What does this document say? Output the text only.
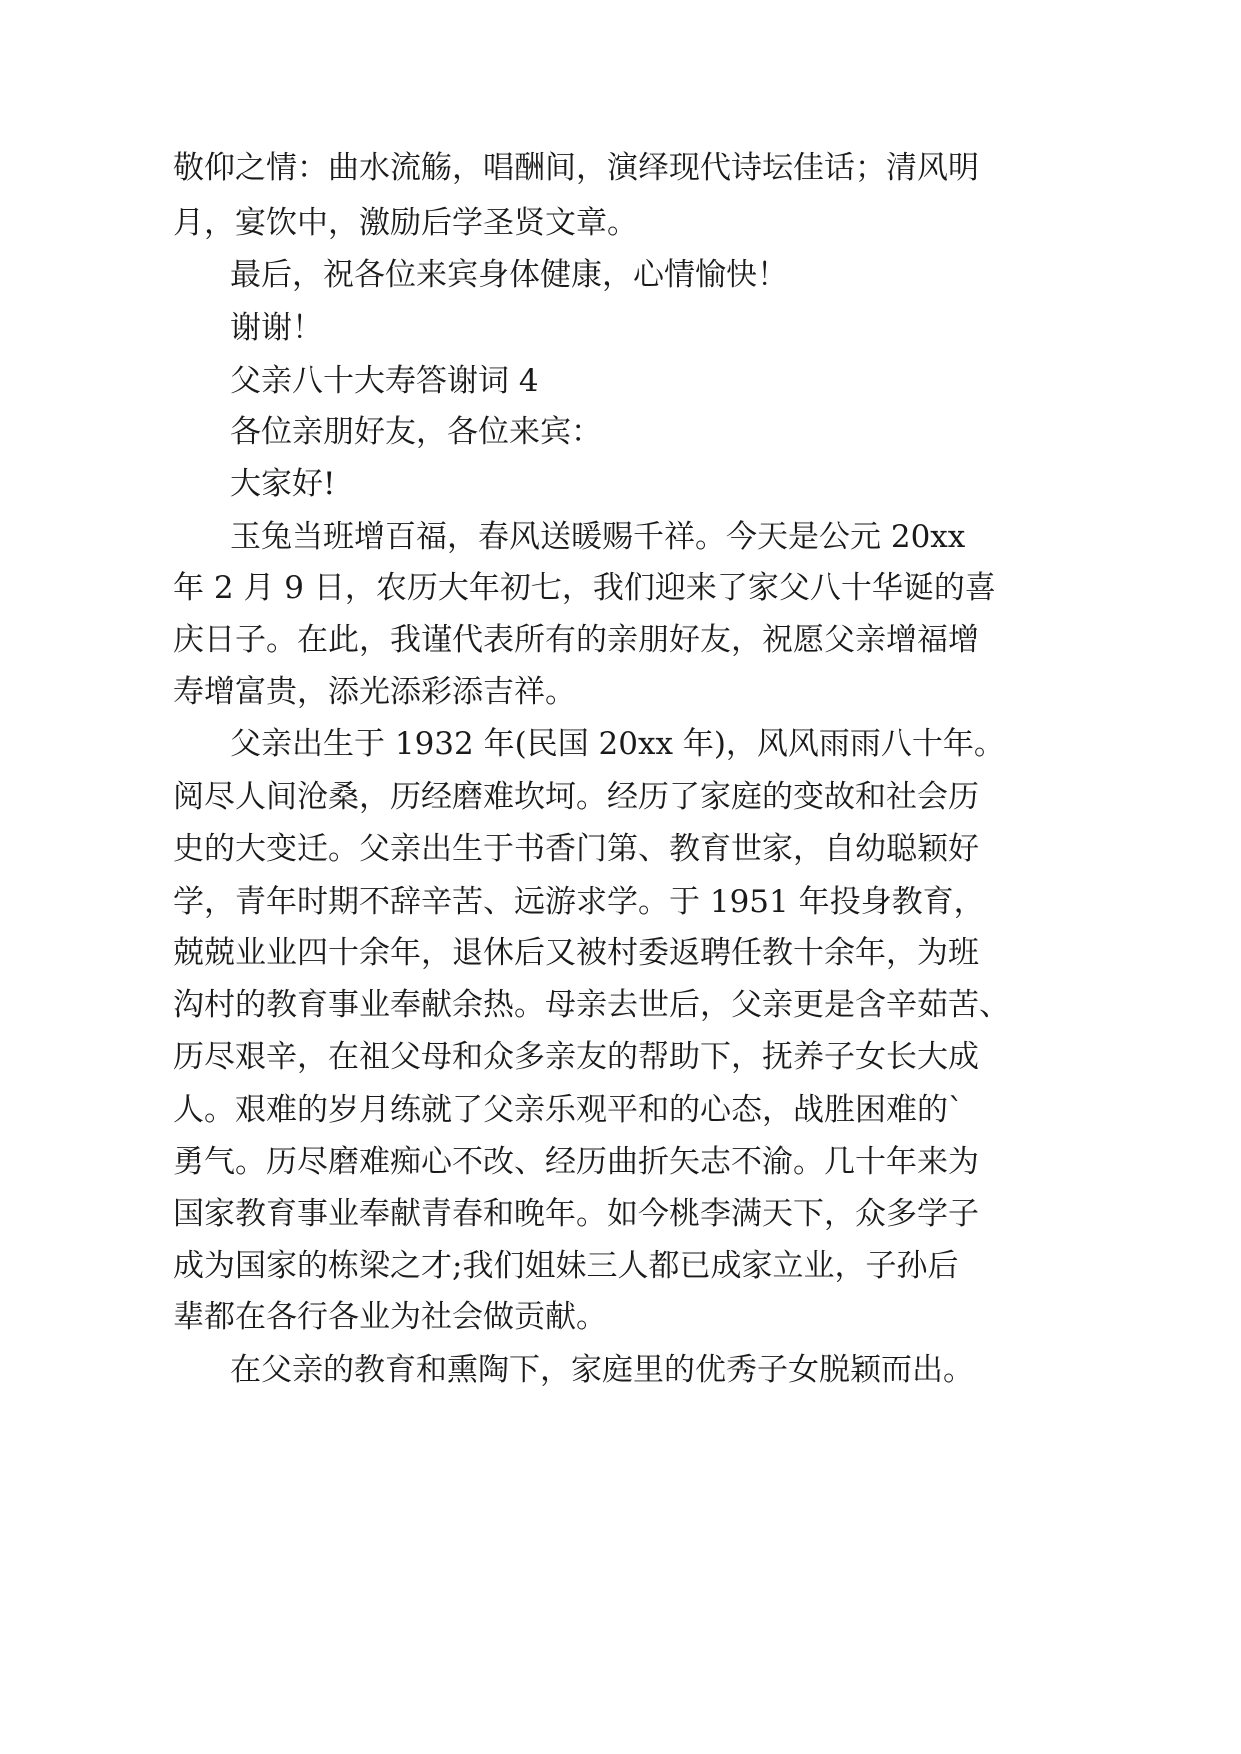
敬仰之情：曲水流觞，唱酬间，演绎现代诗坛佳话；清风明
月，宴饮中，激励后学圣贤文章。
最后，祝各位来宾身体健康，心情愉快！
谢谢！
父亲八十大寿答谢词 4
各位亲朋好友，各位来宾：
大家好!
玉兔当班增百福，春风送暖赐千祥。今天是公元 20xx
年 2 月 9 日，农历大年初七，我们迎来了家父八十华诞的喜
庆日子。在此，我谨代表所有的亲朋好友，祝愿父亲增福增
寿增富贵，添光添彩添吉祥。
父亲出生于 1932 年(民国 20xx 年)，风风雨雨八十年。
阅尽人间沧桑，历经磨难坎坷。经历了家庭的变故和社会历
史的大变迁。父亲出生于书香门第、教育世家，自幼聪颖好
学，青年时期不辞辛苦、远游求学。于 1951 年投身教育，
兢兢业业四十余年，退休后又被村委返聘任教十余年，为班
沟村的教育事业奉献余热。母亲去世后，父亲更是含辛茹苦、
历尽艰辛，在祖父母和众多亲友的帮助下，抚养子女长大成
人。艰难的岁月练就了父亲乐观平和的心态，战胜困难的`
勇气。历尽磨难痴心不改、经历曲折矢志不渝。几十年来为
国家教育事业奉献青春和晚年。如今桃李满天下，众多学子
成为国家的栋梁之才;我们姐妹三人都已成家立业，子孙后
辈都在各行各业为社会做贡献。
在父亲的教育和熏陶下，家庭里的优秀子女脱颖而出。
